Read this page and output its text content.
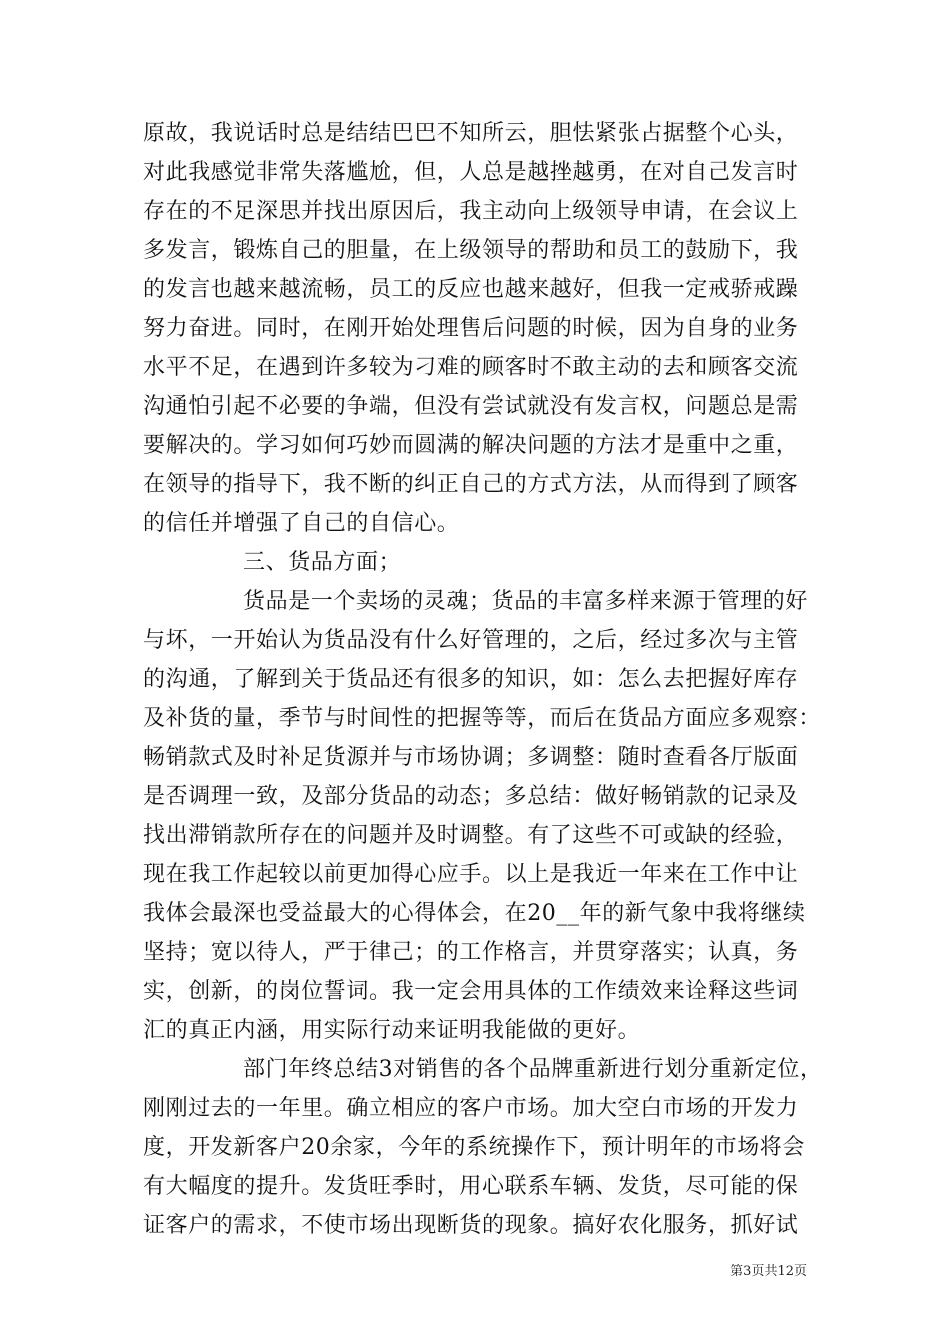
原故，我说话时总是结结巴巴不知所云，胆怯紧张占据整个心头，
对此我感觉非常失落尴尬，但，人总是越挫越勇，在对自己发言时
存在的不足深思并找出原因后，我主动向上级领导申请，在会议上
多发言，锻炼自己的胆量，在上级领导的帮助和员工的鼓励下，我
的发言也越来越流畅，员工的反应也越来越好，但我一定戒骄戒躁
努力奋进。同时，在刚开始处理售后问题的时候，因为自身的业务
水平不足，在遇到许多较为刁难的顾客时不敢主动的去和顾客交流
沟通怕引起不必要的争端，但没有尝试就没有发言权，问题总是需
要解决的。学习如何巧妙而圆满的解决问题的方法才是重中之重，
在领导的指导下，我不断的纠正自己的方式方法，从而得到了顾客
的信任并增强了自己的自信心。
三、货品方面；
货品是一个卖场的灵魂；货品的丰富多样来源于管理的好
与坏，一开始认为货品没有什么好管理的，之后，经过多次与主管
的沟通，了解到关于货品还有很多的知识，如：怎么去把握好库存
及补货的量，季节与时间性的把握等等，而后在货品方面应多观察：
畅销款式及时补足货源并与市场协调；多调整：随时查看各厅版面
是否调理一致，及部分货品的动态；多总结：做好畅销款的记录及
找出滞销款所存在的问题并及时调整。有了这些不可或缺的经验，
现在我工作起较以前更加得心应手。以上是我近一年来在工作中让
我体会最深也受益最大的心得体会，在20__年的新气象中我将继续
坚持；宽以待人，严于律己；的工作格言，并贯穿落实；认真，务
实，创新，的岗位誓词。我一定会用具体的工作绩效来诠释这些词
汇的真正内涵，用实际行动来证明我能做的更好。
部门年终总结3对销售的各个品牌重新进行划分重新定位，
刚刚过去的一年里。确立相应的客户市场。加大空白市场的开发力
度，开发新客户20余家，今年的系统操作下，预计明年的市场将会
有大幅度的提升。发货旺季时，用心联系车辆、发货，尽可能的保
证客户的需求，不使市场出现断货的现象。搞好农化服务，抓好试
第3页共12页
